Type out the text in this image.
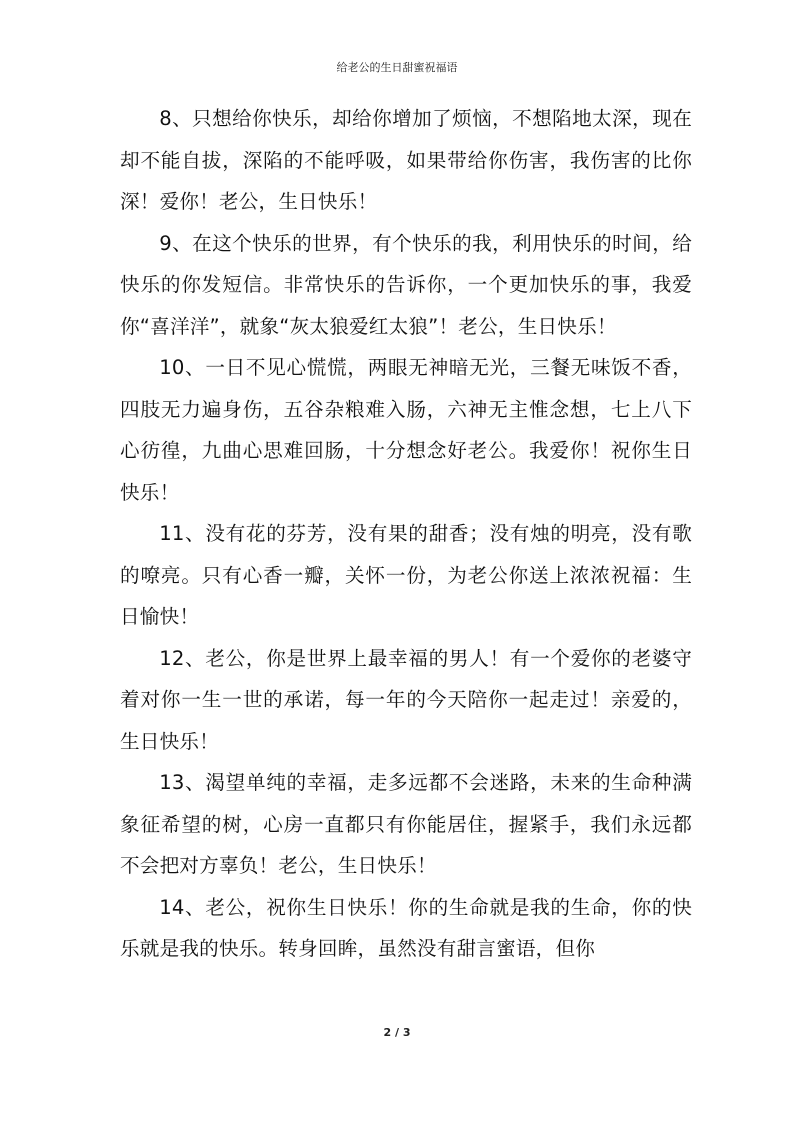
给老公的生日甜蜜祝福语

8、只想给你快乐，却给你增加了烦恼，不想陷地太深，现在却不能自拔，深陷的不能呼吸，如果带给你伤害，我伤害的比你深！爱你！老公，生日快乐！

9、在这个快乐的世界，有个快乐的我，利用快乐的时间，给快乐的你发短信。非常快乐的告诉你，一个更加快乐的事，我爱你“喜洋洋”，就象“灰太狼爱红太狼”！老公，生日快乐！

10、一日不见心慌慌，两眼无神暗无光，三餐无味饭不香，四肢无力遍身伤，五谷杂粮难入肠，六神无主惟念想，七上八下心彷徨，九曲心思难回肠，十分想念好老公。我爱你！祝你生日快乐！

11、没有花的芬芳，没有果的甜香；没有烛的明亮，没有歌的嘹亮。只有心香一瓣，关怀一份，为老公你送上浓浓祝福：生日愉快！

12、老公，你是世界上最幸福的男人！有一个爱你的老婆守着对你一生一世的承诺，每一年的今天陪你一起走过！亲爱的，生日快乐！

13、渴望单纯的幸福，走多远都不会迷路，未来的生命种满象征希望的树，心房一直都只有你能居住，握紧手，我们永远都不会把对方辜负！老公，生日快乐！

14、老公，祝你生日快乐！你的生命就是我的生命，你的快乐就是我的快乐。转身回眸，虽然没有甜言蜜语，但你

2 / 3
